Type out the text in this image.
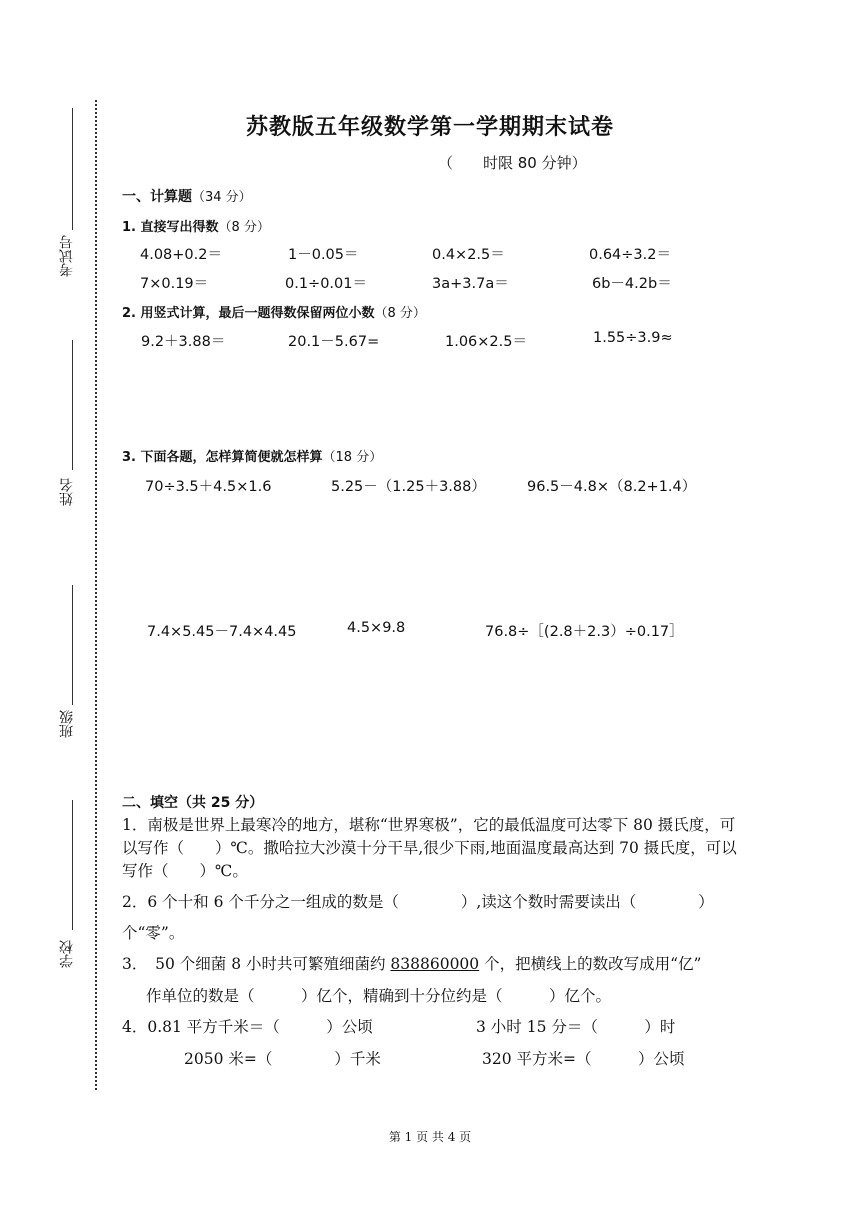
考试号
姓名
班级
学校
苏教版五年级数学第一学期期末试卷
（　　时限 80 分钟）
一、计算题（34 分）
1. 直接写出得数（8 分）
4.08+0.2＝	1－0.05＝	0.4×2.5＝	0.64÷3.2＝
7×0.19＝	0.1÷0.01＝	3a+3.7a＝	6b－4.2b＝
2. 用竖式计算，最后一题得数保留两位小数（8 分）
9.2＋3.88＝	20.1－5.67=	1.06×2.5＝	1.55÷3.9≈
3. 下面各题，怎样算简便就怎样算（18 分）
70÷3.5＋4.5×1.6	5.25－（1.25＋3.88）	96.5－4.8×（8.2+1.4）
7.4×5.45－7.4×4.45	4.5×9.8	76.8÷［(2.8＋2.3）÷0.17］
二、填空（共 25 分）
1．南极是世界上最寒冷的地方，堪称“世界寒极”，它的最低温度可达零下 80 摄氏度，可以写作（　　）℃。撒哈拉大沙漠十分干旱,很少下雨,地面温度最高达到 70 摄氏度，可以写作（　　）℃。
2．6 个十和 6 个千分之一组成的数是（　　　　）,读这个数时需要读出（　　　　）个“零”。
3．　50 个细菌 8 小时共可繁殖细菌约 838860000 个，把横线上的数改写成用“亿”
作单位的数是（　　　）亿个，精确到十分位约是（　　　）亿个。
4．0.81 平方千米＝（　　　）公顷	3 小时 15 分＝（　　　）时
2050 米=（　　　　）千米	320 平方米=（　　　）公顷
第 1 页 共 4 页
